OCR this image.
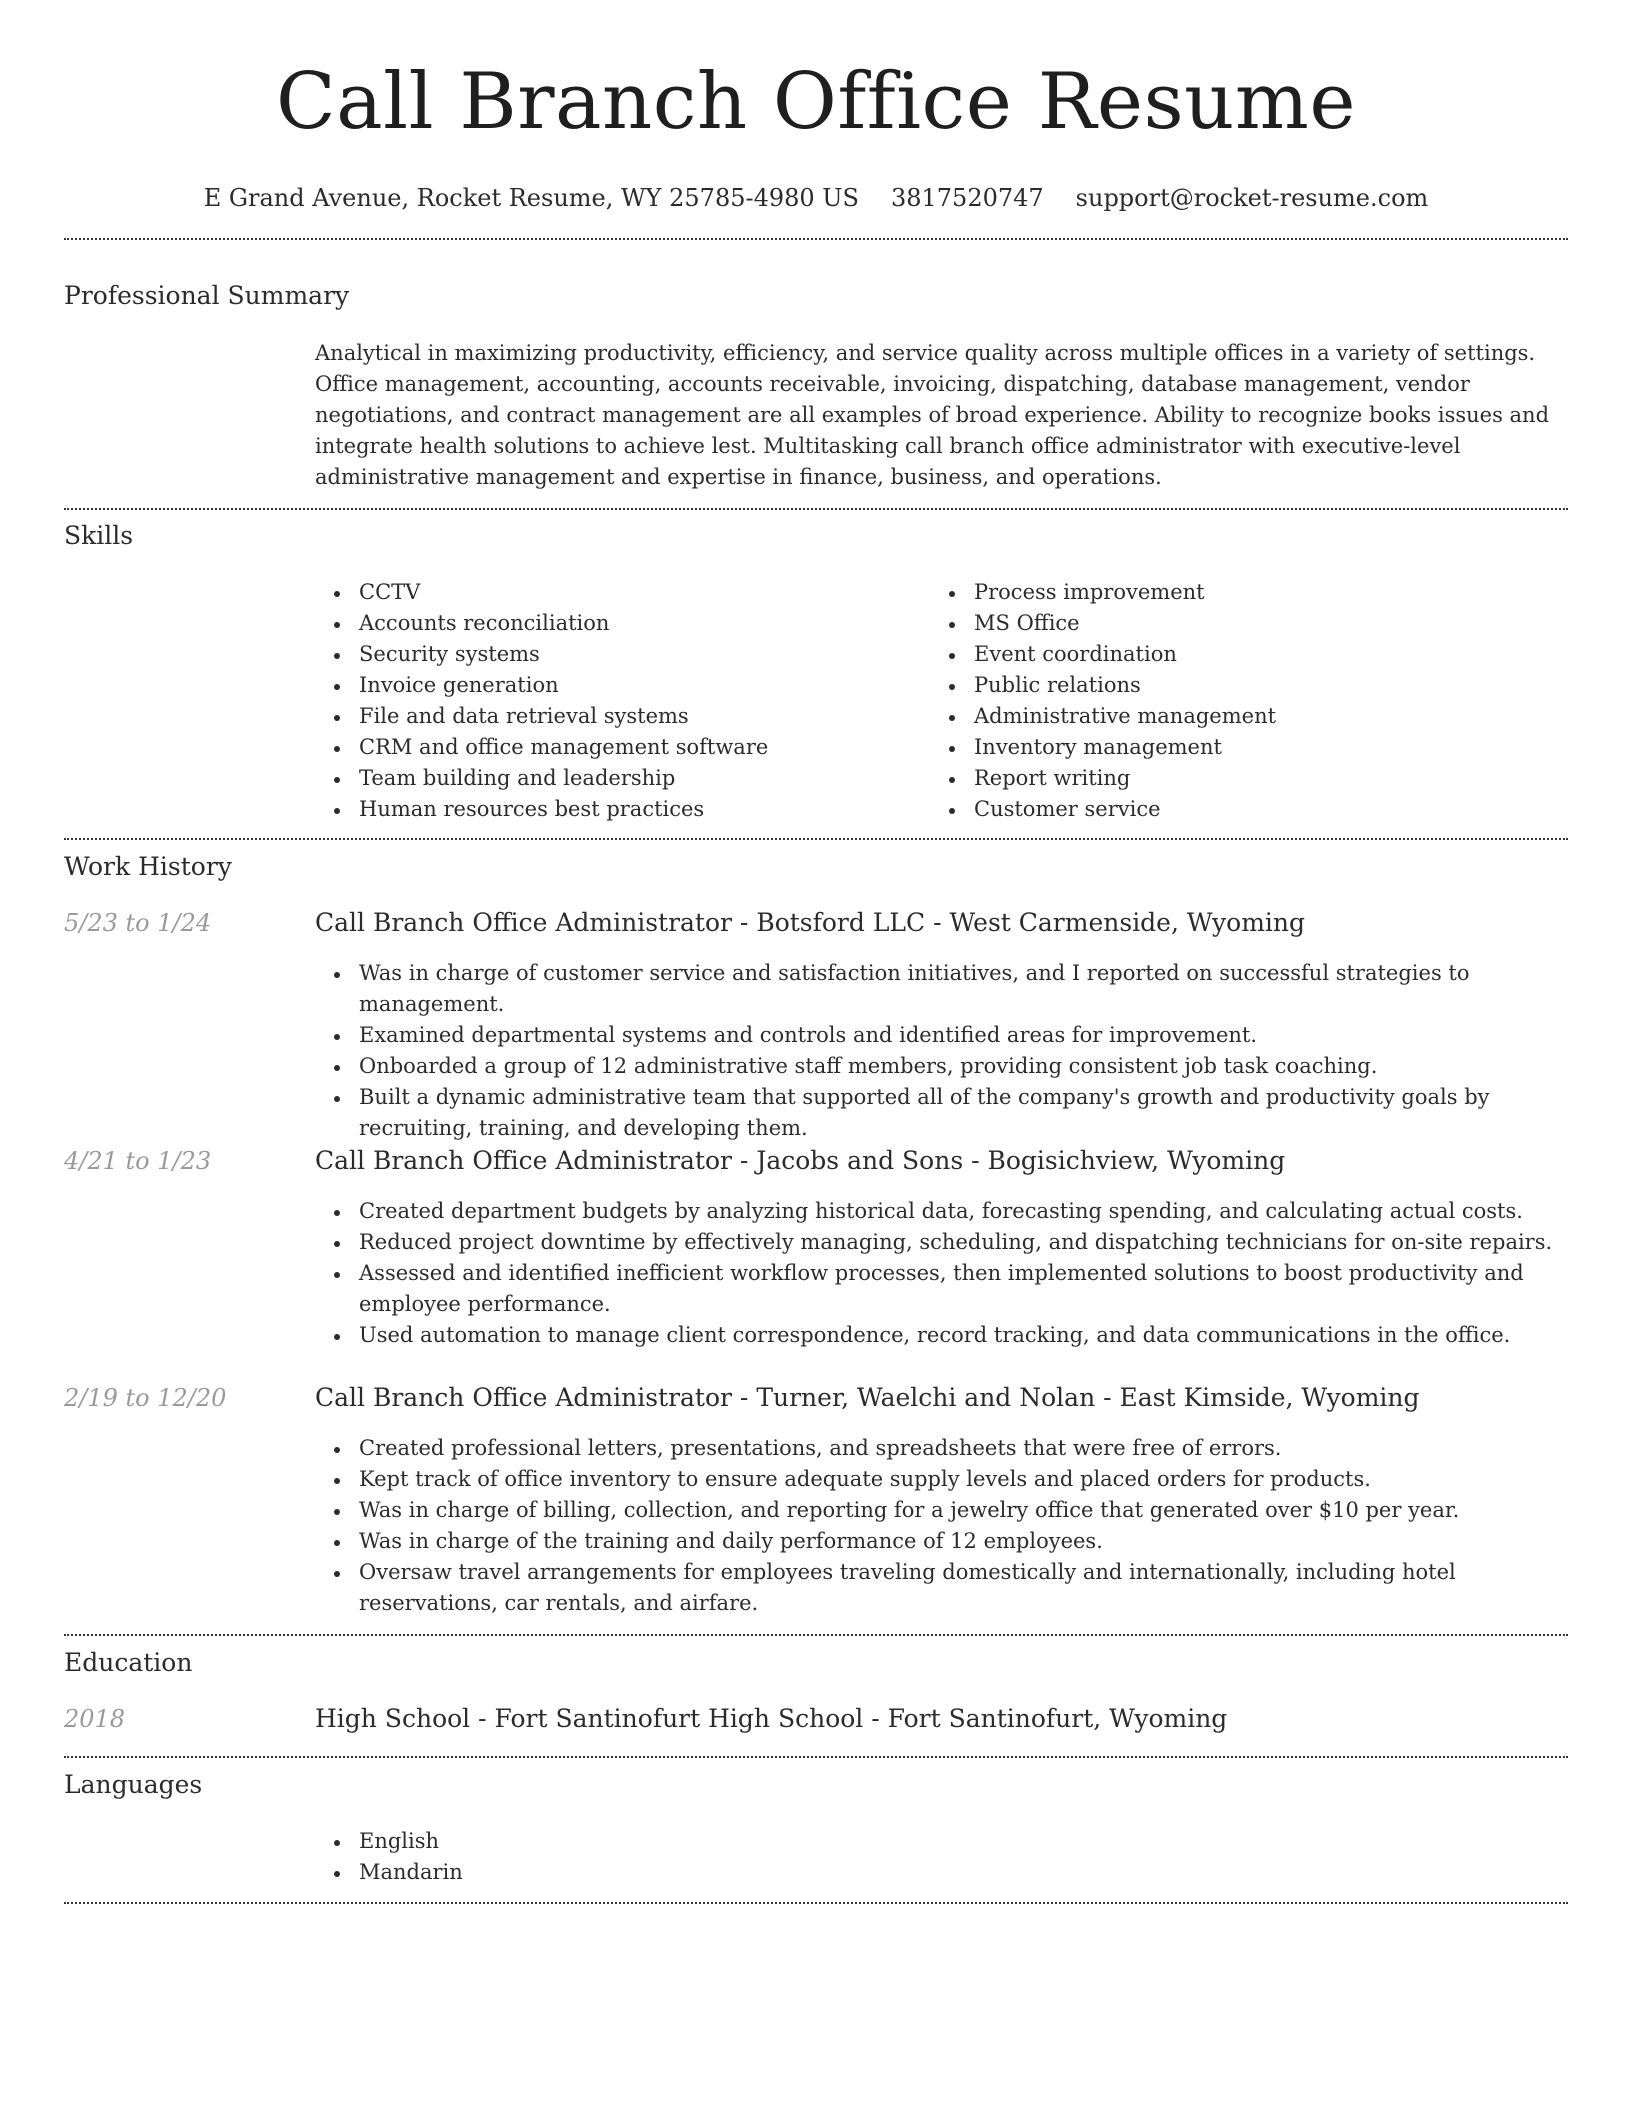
Call Branch Office Resume
E Grand Avenue, Rocket Resume, WY 25785-4980 US 3817520747 support@rocket-resume.com
Professional Summary
Analytical in maximizing productivity, efficiency, and service quality across multiple offices in a variety of settings. Office management, accounting, accounts receivable, invoicing, dispatching, database management, vendor negotiations, and contract management are all examples of broad experience. Ability to recognize books issues and integrate health solutions to achieve lest. Multitasking call branch office administrator with executive-level administrative management and expertise in finance, business, and operations.
Skills
CCTV
Accounts reconciliation
Security systems
Invoice generation
File and data retrieval systems
CRM and office management software
Team building and leadership
Human resources best practices
Process improvement
MS Office
Event coordination
Public relations
Administrative management
Inventory management
Report writing
Customer service
Work History
5/23 to 1/24	Call Branch Office Administrator - Botsford LLC - West Carmenside, Wyoming
Was in charge of customer service and satisfaction initiatives, and I reported on successful strategies to management.
Examined departmental systems and controls and identified areas for improvement.
Onboarded a group of 12 administrative staff members, providing consistent job task coaching.
Built a dynamic administrative team that supported all of the company's growth and productivity goals by recruiting, training, and developing them.
4/21 to 1/23	Call Branch Office Administrator - Jacobs and Sons - Bogisichview, Wyoming
Created department budgets by analyzing historical data, forecasting spending, and calculating actual costs.
Reduced project downtime by effectively managing, scheduling, and dispatching technicians for on-site repairs.
Assessed and identified inefficient workflow processes, then implemented solutions to boost productivity and employee performance.
Used automation to manage client correspondence, record tracking, and data communications in the office.
2/19 to 12/20	Call Branch Office Administrator - Turner, Waelchi and Nolan - East Kimside, Wyoming
Created professional letters, presentations, and spreadsheets that were free of errors.
Kept track of office inventory to ensure adequate supply levels and placed orders for products.
Was in charge of billing, collection, and reporting for a jewelry office that generated over $10 per year.
Was in charge of the training and daily performance of 12 employees.
Oversaw travel arrangements for employees traveling domestically and internationally, including hotel reservations, car rentals, and airfare.
Education
2018	High School - Fort Santinofurt High School - Fort Santinofurt, Wyoming
Languages
English
Mandarin
